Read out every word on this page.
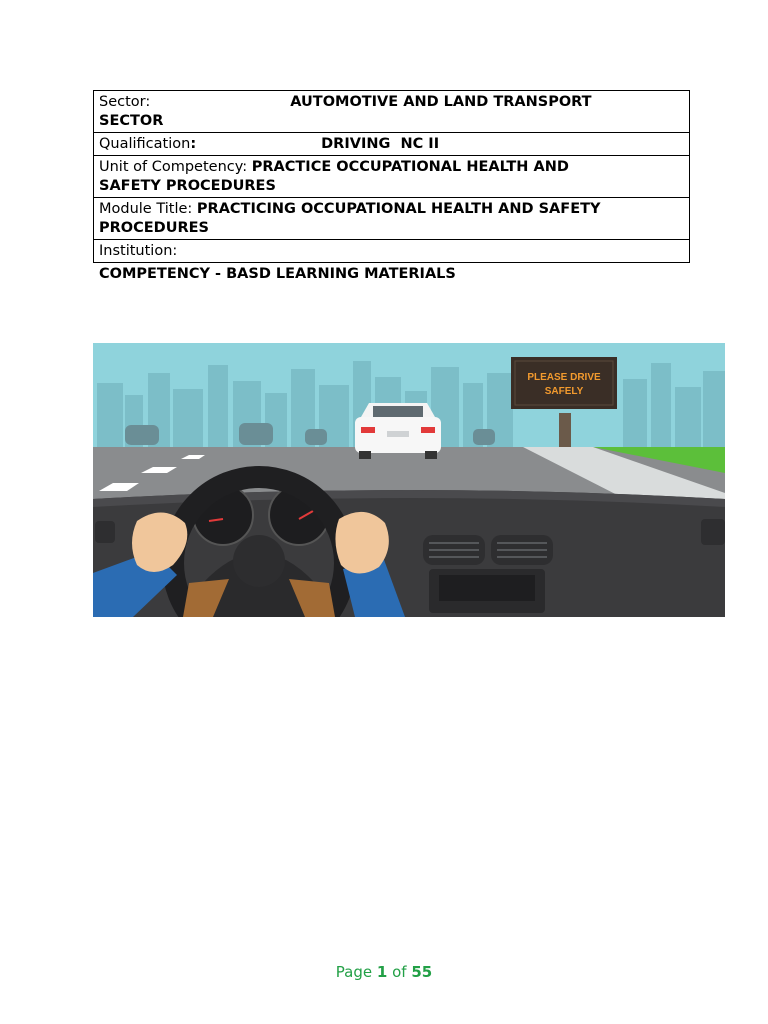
Sector:	AUTOMOTIVE AND LAND TRANSPORT
SECTOR
Qualification:	DRIVING  NC II
Unit of Competency: PRACTICE OCCUPATIONAL HEALTH AND
SAFETY PROCEDURES
Module Title: PRACTICING OCCUPATIONAL HEALTH AND SAFETY
PROCEDURES
Institution:
COMPETENCY - BASD LEARNING MATERIALS
PLEASE DRIVE
SAFELY
Page 1 of 55
